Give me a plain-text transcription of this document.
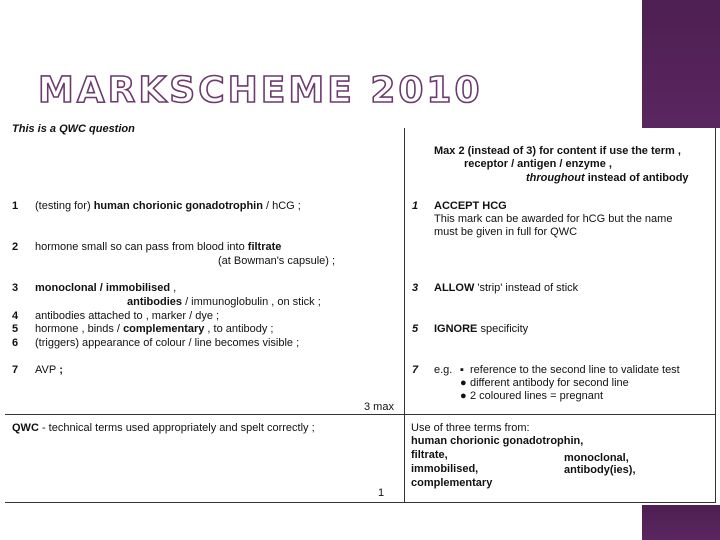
MARKSCHEME 2010
This is a QWC question
1 (testing for) human chorionic gonadotrophin / hCG ;
2 hormone small so can pass from blood into filtrate
(at Bowman's capsule) ;
3 monoclonal / immobilised ,
antibodies / immunoglobulin , on stick ;
4 antibodies attached to , marker / dye ;
5 hormone , binds / complementary , to antibody ;
6 (triggers) appearance of colour / line becomes visible ;
7 AVP ;
3 max
QWC - technical terms used appropriately and spelt correctly ;
1
Max 2 (instead of 3) for content if use the term ,
receptor / antigen / enzyme ,
throughout instead of antibody
1 ACCEPT HCG
This mark can be awarded for hCG but the name
must be given in full for QWC
3 ALLOW 'strip' instead of stick
5 IGNORE specificity
7 e.g. ▪ reference to the second line to validate test
● different antibody for second line
● 2 coloured lines = pregnant
Use of three terms from:
human chorionic gonadotrophin,
filtrate,	monoclonal,
immobilised,	antibody(ies),
complementary
